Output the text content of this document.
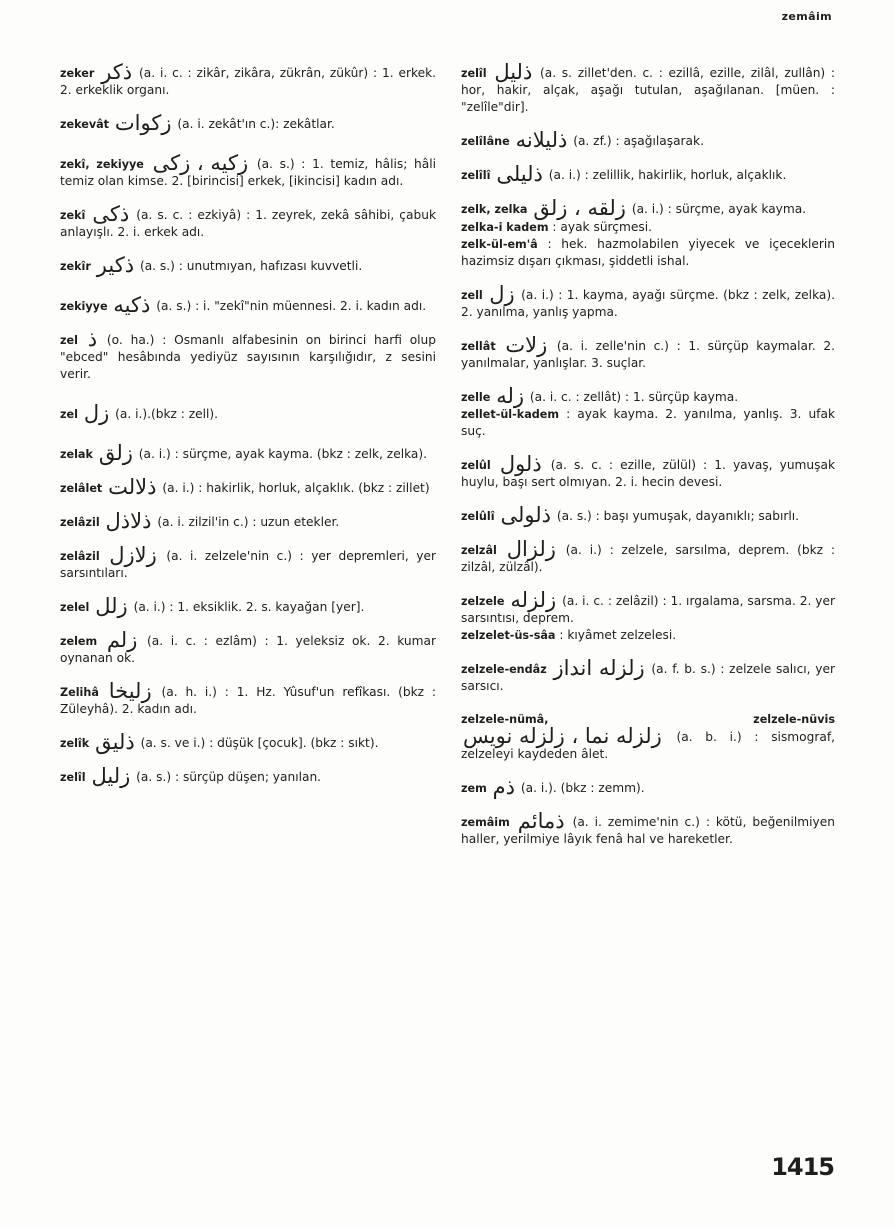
zemâim

zeker ذکر (a. i. c. : zikâr, zikâra, zükrân, zükûr) : 1. erkek. 2. erkeklik organı.

zekevât زکوات (a. i. zekât'ın c.): zekâtlar.

zekî, zekiyye زکیه ، زکی (a. s.) : 1. temiz, hâlis; hâli temiz olan kimse. 2. [birincisi] erkek, [ikincisi] kadın adı.

zekî ذکی (a. s. c. : ezkiyâ) : 1. zeyrek, zekâ sâhibi, çabuk anlayışlı. 2. i. erkek adı.

zekîr ذکیر (a. s.) : unutmıyan, hafızası kuvvetli.

zekiyye ذکیه (a. s.) : i. "zekî"nin müennesi. 2. i. kadın adı.

zel ذ (o. ha.) : Osmanlı alfabesinin on birinci harfi olup "ebced" hesâbında yediyüz sayısının karşılığıdır, z sesini verir.

zel زل (a. i.).(bkz : zell).

zelak زلق (a. i.) : sürçme, ayak kayma. (bkz : zelk, zelka).

zelâlet ذلالت (a. i.) : hakirlik, horluk, alçaklık. (bkz : zillet)

zelâzil ذلاذل (a. i. zilzil'in c.) : uzun etekler.

zelâzil زلازل (a. i. zelzele'nin c.) : yer depremleri, yer sarsıntıları.

zelel زلل (a. i.) : 1. eksiklik. 2. s. kayağan [yer].

zelem زلم (a. i. c. : ezlâm) : 1. yeleksiz ok. 2. kumar oynanan ok.

Zelihâ زلیخا (a. h. i.) : 1. Hz. Yûsuf'un refîkası. (bkz : Züleyhâ). 2. kadın adı.

zelîk ذلیق (a. s. ve i.) : düşük [çocuk]. (bkz : sıkt).

zelîl زلیل (a. s.) : sürçüp düşen; yanılan.

zelîl ذلیل (a. s. zillet'den. c. : ezillâ, ezille, zilâl, zullân) : hor, hakir, alçak, aşağı tutulan, aşağılanan. [müen. : "zelîle"dir].

zelîlâne ذلیلانه (a. zf.) : aşağılaşarak.

zelîlî ذلیلی (a. i.) : zelillik, hakirlik, horluk, alçaklık.

zelk, zelka زلقه ، زلق (a. i.) : sürçme, ayak kayma.

zelka-i kadem : ayak sürçmesi.

zelk-ül-em'â : hek. hazmolabilen yiyecek ve içeceklerin hazimsiz dışarı çıkması, şiddetli ishal.

zell زل (a. i.) : 1. kayma, ayağı sürçme. (bkz : zelk, zelka). 2. yanılma, yanlış yapma.

zellât زلات (a. i. zelle'nin c.) : 1. sürçüp kaymalar. 2. yanılmalar, yanlışlar. 3. suçlar.

zelle زله (a. i. c. : zellât) : 1. sürçüp kayma.

zellet-ül-kadem : ayak kayma. 2. yanılma, yanlış. 3. ufak suç.

zelûl ذلول (a. s. c. : ezille, zülül) : 1. yavaş, yumuşak huylu, başı sert olmıyan. 2. i. hecin devesi.

zelûlî ذلولی (a. s.) : başı yumuşak, dayanıklı; sabırlı.

zelzâl زلزال (a. i.) : zelzele, sarsılma, deprem. (bkz : zilzâl, zülzâl).

zelzele زلزله (a. i. c. : zelâzil) : 1. ırgalama, sarsma. 2. yer sarsıntısı, deprem.

zelzelet-üs-sâa : kıyâmet zelzelesi.

zelzele-endâz زلزله انداز (a. f. b. s.) : zelzele salıcı, yer sarsıcı.

zelzele-nümâ, zelzele-nüvis زلزله نما ، زلزله نویس (a. b. i.) : sismograf, zelzeleyi kaydeden âlet.

zem ذم (a. i.). (bkz : zemm).

zemâim ذمائم (a. i. zemime'nin c.) : kötü, beğenilmiyen haller, yerilmiye lâyık fenâ hal ve hareketler.

1415
